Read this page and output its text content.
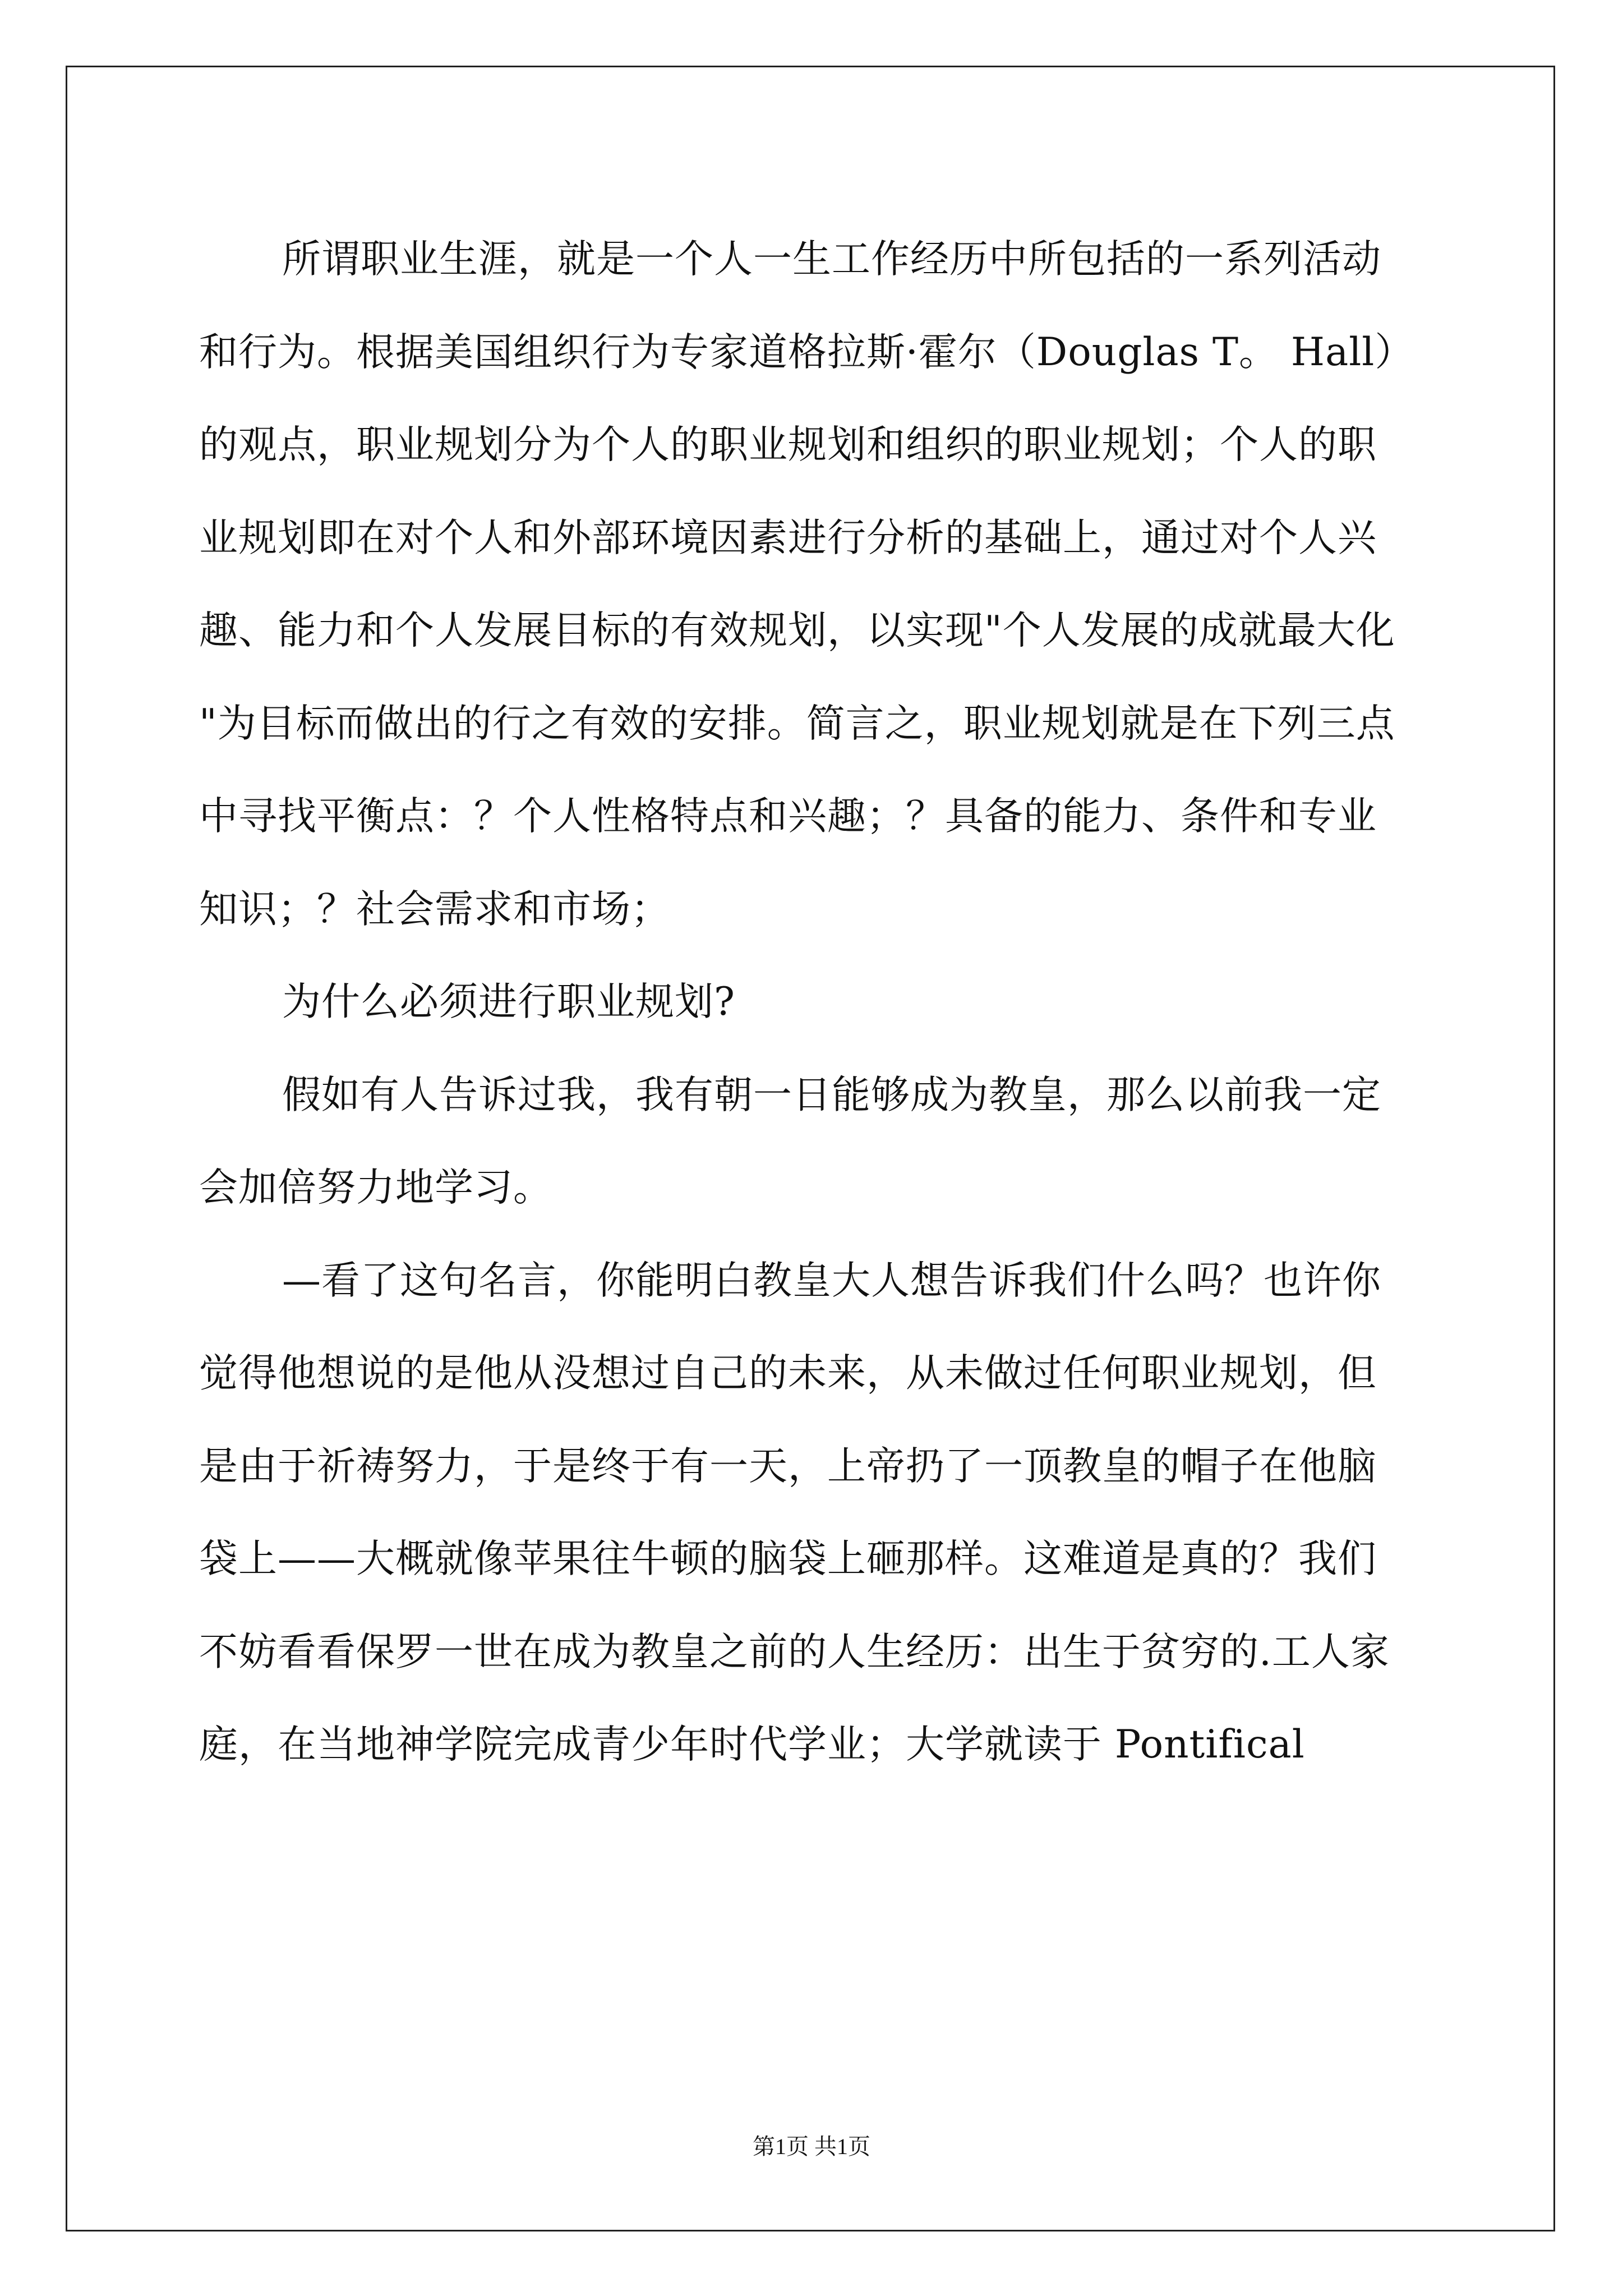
所谓职业生涯，就是一个人一生工作经历中所包括的一系列活动
和行为。根据美国组织行为专家道格拉斯·霍尔（Douglas T。 Hall）
的观点，职业规划分为个人的职业规划和组织的职业规划；个人的职
业规划即在对个人和外部环境因素进行分析的基础上，通过对个人兴
趣、能力和个人发展目标的有效规划，以实现"个人发展的成就最大化
"为目标而做出的行之有效的安排。简言之，职业规划就是在下列三点
中寻找平衡点：？个人性格特点和兴趣；？具备的能力、条件和专业
知识；？社会需求和市场；
为什么必须进行职业规划?
假如有人告诉过我，我有朝一日能够成为教皇，那么以前我一定
会加倍努力地学习。
—看了这句名言，你能明白教皇大人想告诉我们什么吗？也许你
觉得他想说的是他从没想过自己的未来，从未做过任何职业规划，但
是由于祈祷努力，于是终于有一天，上帝扔了一顶教皇的帽子在他脑
袋上——大概就像苹果往牛顿的脑袋上砸那样。这难道是真的？我们
不妨看看保罗一世在成为教皇之前的人生经历：出生于贫穷的.工人家
庭，在当地神学院完成青少年时代学业；大学就读于 Pontifical
第1页 共1页
